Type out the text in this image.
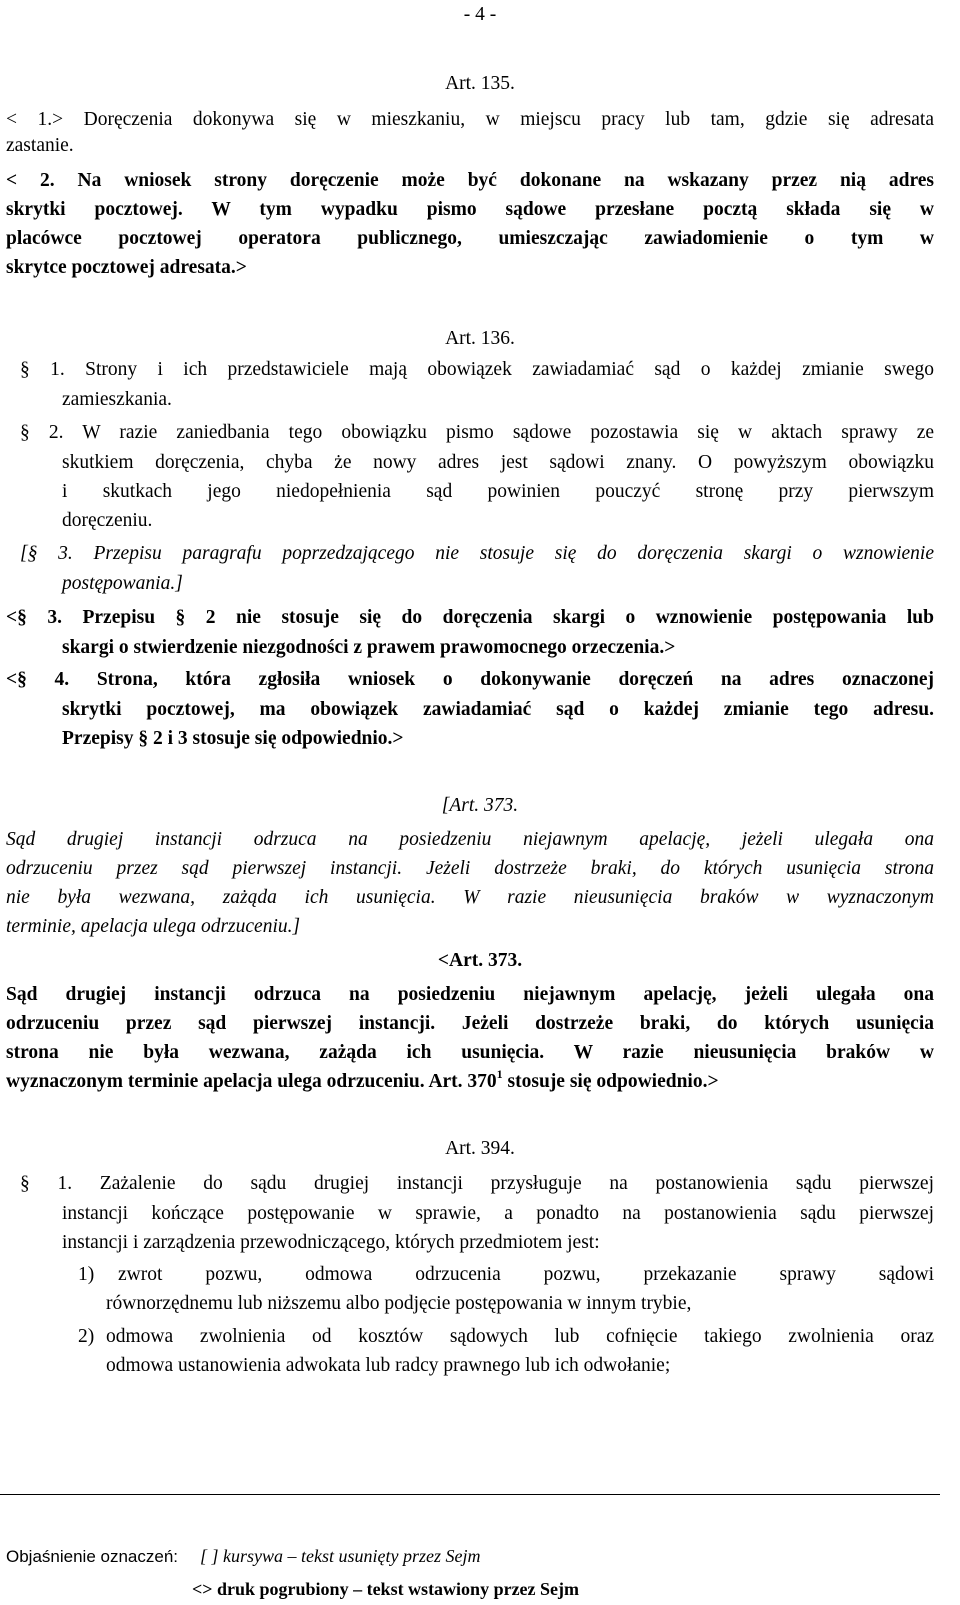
- 4 -
Art. 135.
< 1.> Doręczenia dokonywa się w mieszkaniu, w miejscu pracy lub tam, gdzie się adresata
zastanie.
< 2. Na wniosek strony doręczenie może być dokonane na wskazany przez nią adres
skrytki pocztowej. W tym wypadku pismo sądowe przesłane pocztą składa się w
placówce pocztowej operatora publicznego, umieszczając zawiadomienie o tym w
skrytce pocztowej adresata.>
Art. 136.
§ 1. Strony i ich przedstawiciele mają obowiązek zawiadamiać sąd o każdej zmianie swego
zamieszkania.
§ 2. W razie zaniedbania tego obowiązku pismo sądowe pozostawia się w aktach sprawy ze
skutkiem doręczenia, chyba że nowy adres jest sądowi znany. O powyższym obowiązku
i skutkach jego niedopełnienia sąd powinien pouczyć stronę przy pierwszym
doręczeniu.
[§ 3. Przepisu paragrafu poprzedzającego nie stosuje się do doręczenia skargi o wznowienie
postępowania.]
<§ 3. Przepisu § 2 nie stosuje się do doręczenia skargi o wznowienie postępowania lub
skargi o stwierdzenie niezgodności z prawem prawomocnego orzeczenia.>
<§ 4. Strona, która zgłosiła wniosek o dokonywanie doręczeń na adres oznaczonej
skrytki pocztowej, ma obowiązek zawiadamiać sąd o każdej zmianie tego adresu.
Przepisy § 2 i 3 stosuje się odpowiednio.>
[Art. 373.
Sąd drugiej instancji odrzuca na posiedzeniu niejawnym apelację, jeżeli ulegała ona
odrzuceniu przez sąd pierwszej instancji. Jeżeli dostrzeże braki, do których usunięcia strona
nie była wezwana, zażąda ich usunięcia. W razie nieusunięcia braków w wyznaczonym
terminie, apelacja ulega odrzuceniu.]
<Art. 373.
Sąd drugiej instancji odrzuca na posiedzeniu niejawnym apelację, jeżeli ulegała ona
odrzuceniu przez sąd pierwszej instancji. Jeżeli dostrzeże braki, do których usunięcia
strona nie była wezwana, zażąda ich usunięcia. W razie nieusunięcia braków w
wyznaczonym terminie apelacja ulega odrzuceniu. Art. $370^1$ stosuje się odpowiednio.>
Art. 394.
§ 1. Zażalenie do sądu drugiej instancji przysługuje na postanowienia sądu pierwszej
instancji kończące postępowanie w sprawie, a ponadto na postanowienia sądu pierwszej
instancji i zarządzenia przewodniczącego, których przedmiotem jest:
1) zwrot pozwu, odmowa odrzucenia pozwu, przekazanie sprawy sądowi
równorzędnemu lub niższemu albo podjęcie postępowania w innym trybie,
2) odmowa zwolnienia od kosztów sądowych lub cofnięcie takiego zwolnienia oraz
odmowa ustanowienia adwokata lub radcy prawnego lub ich odwołanie;
Objaśnienie oznaczeń: [ ] kursywa – tekst usunięty przez Sejm
<> druk pogrubiony – tekst wstawiony przez Sejm
